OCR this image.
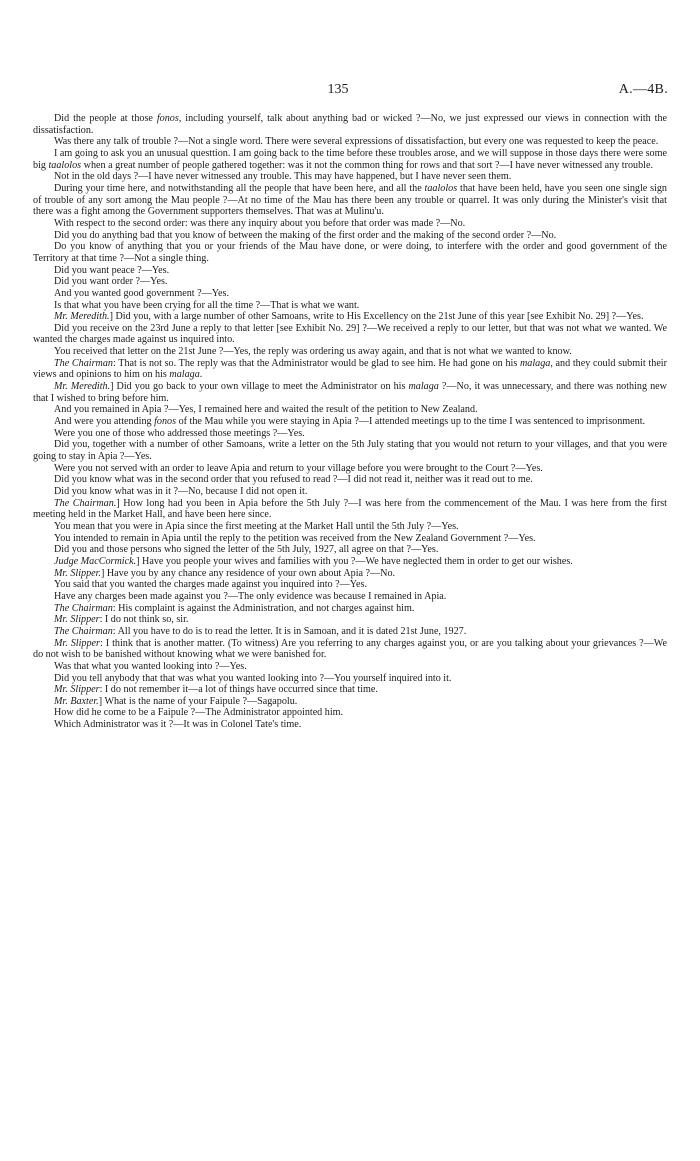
135	A.—4B.

Did the people at those fonos, including yourself, talk about anything bad or wicked ?—No, we just expressed our views in connection with the dissatisfaction.

Was there any talk of trouble ?—Not a single word. There were several expressions of dissatisfaction, but every one was requested to keep the peace.

I am going to ask you an unusual questtion. I am going back to the time before these troubles arose, and we will suppose in those days there were some big taalolos when a great number of people gathered together: was it not the common thing for rows and that sort ?—I have never witnessed any trouble.

Not in the old days ?—I have never witnessed any trouble. This may have happened, but I have never seen them.

During your time here, and notwithstanding all the people that have been here, and all the taalolos that have been held, have you seen one single sign of trouble of any sort among the Mau people ?—At no time of the Mau has there been any trouble or quarrel. It was only during the Minister's visit that there was a fight among the Government supporters themselves. That was at Mulinu'u.

With respect to the second order: was there any inquiry about you before that order was made ?—No.

Did you do anything bad that you know of between the making of the first order and the making of the second order ?—No.

Do you know of anything that you or your friends of the Mau have done, or were doing, to interfere with the order and good government of the Territory at that time ?—Not a single thing.

Did you want peace ?—Yes.

Did you want order ?—Yes.

And you wanted good government ?—Yes.

Is that what you have been crying for all the time ?—That is what we want.

Mr. Meredith.] Did you, with a large number of other Samoans, write to His Excellency on the 21st June of this year [see Exhibit No. 29] ?—Yes.

Did you receive on the 23rd June a reply to that letter [see Exhibit No. 29] ?—We received a reply to our letter, but that was not what we wanted. We wanted the charges made against us inquired into.

You received that letter on the 21st June ?—Yes, the reply was ordering us away again, and that is not what we wanted to know.

The Chairman: That is not so. The reply was that the Administrator would be glad to see him. He had gone on his malaga, and they could submit their views and opinions to him on his malaga.

Mr. Meredith.] Did you go back to your own village to meet the Administrator on his malaga ?—No, it was unnecessary, and there was nothing new that I wished to bring before him.

And you remained in Apia ?—Yes, I remained here and waited the result of the petition to New Zealand.

And were you attending fonos of the Mau while you were staying in Apia ?—I attended meetings up to the time I was sentenced to imprisonment.

Were you one of those who addressed those meetings ?—Yes.

Did you, together with a number of other Samoans, write a letter on the 5th July stating that you would not return to your villages, and that you were going to stay in Apia ?—Yes.

Were you not served with an order to leave Apia and return to your village before you were brought to the Court ?—Yes.

Did you know what was in the second order that you refused to read ?—I did not read it, neither was it read out to me.

Did you know what was in it ?—No, because I did not open it.

The Chairman.] How long had you been in Apia before the 5th July ?—I was here from the commencement of the Mau. I was here from the first meeting held in the Market Hall, and have been here since.

You mean that you were in Apia since the first meeting at the Market Hall until the 5th July ?—Yes.

You intended to remain in Apia until the reply to the petition was received from the New Zealand Government ?—Yes.

Did you and those persons who signed the letter of the 5th July, 1927, all agree on that ?—Yes.

Judge MacCormick.] Have you people your wives and families with you ?—We have neglected them in order to get our wishes.

Mr. Slipper.] Have you by any chance any residence of your own about Apia ?—No.

You said that you wanted the charges made against you inquired into ?—Yes.

Have any charges been made against you ?—The only evidence was because I remained in Apia.

The Chairman: His complaint is against the Administration, and not charges against him.

Mr. Slipper: I do not think so, sir.

The Chairman: All you have to do is to read the letter. It is in Samoan, and it is dated 21st June, 1927.

Mr. Slipper: I think that is another matter. (To witness) Are you referring to any charges against you, or are you talking about your grievances ?—We do not wish to be banished without knowing what we were banished for.

Was that what you wanted looking into ?—Yes.

Did you tell anybody that that was what you wanted looking into ?—You yourself inquired into it.

Mr. Slipper: I do not remember it—a lot of things have occurred since that time.

Mr. Baxter.] What is the name of your Faipule ?—Sagapolu.

How did he come to be a Faipule ?—The Administrator appointed him.

Which Administrator was it ?—It was in Colonel Tate's time.
